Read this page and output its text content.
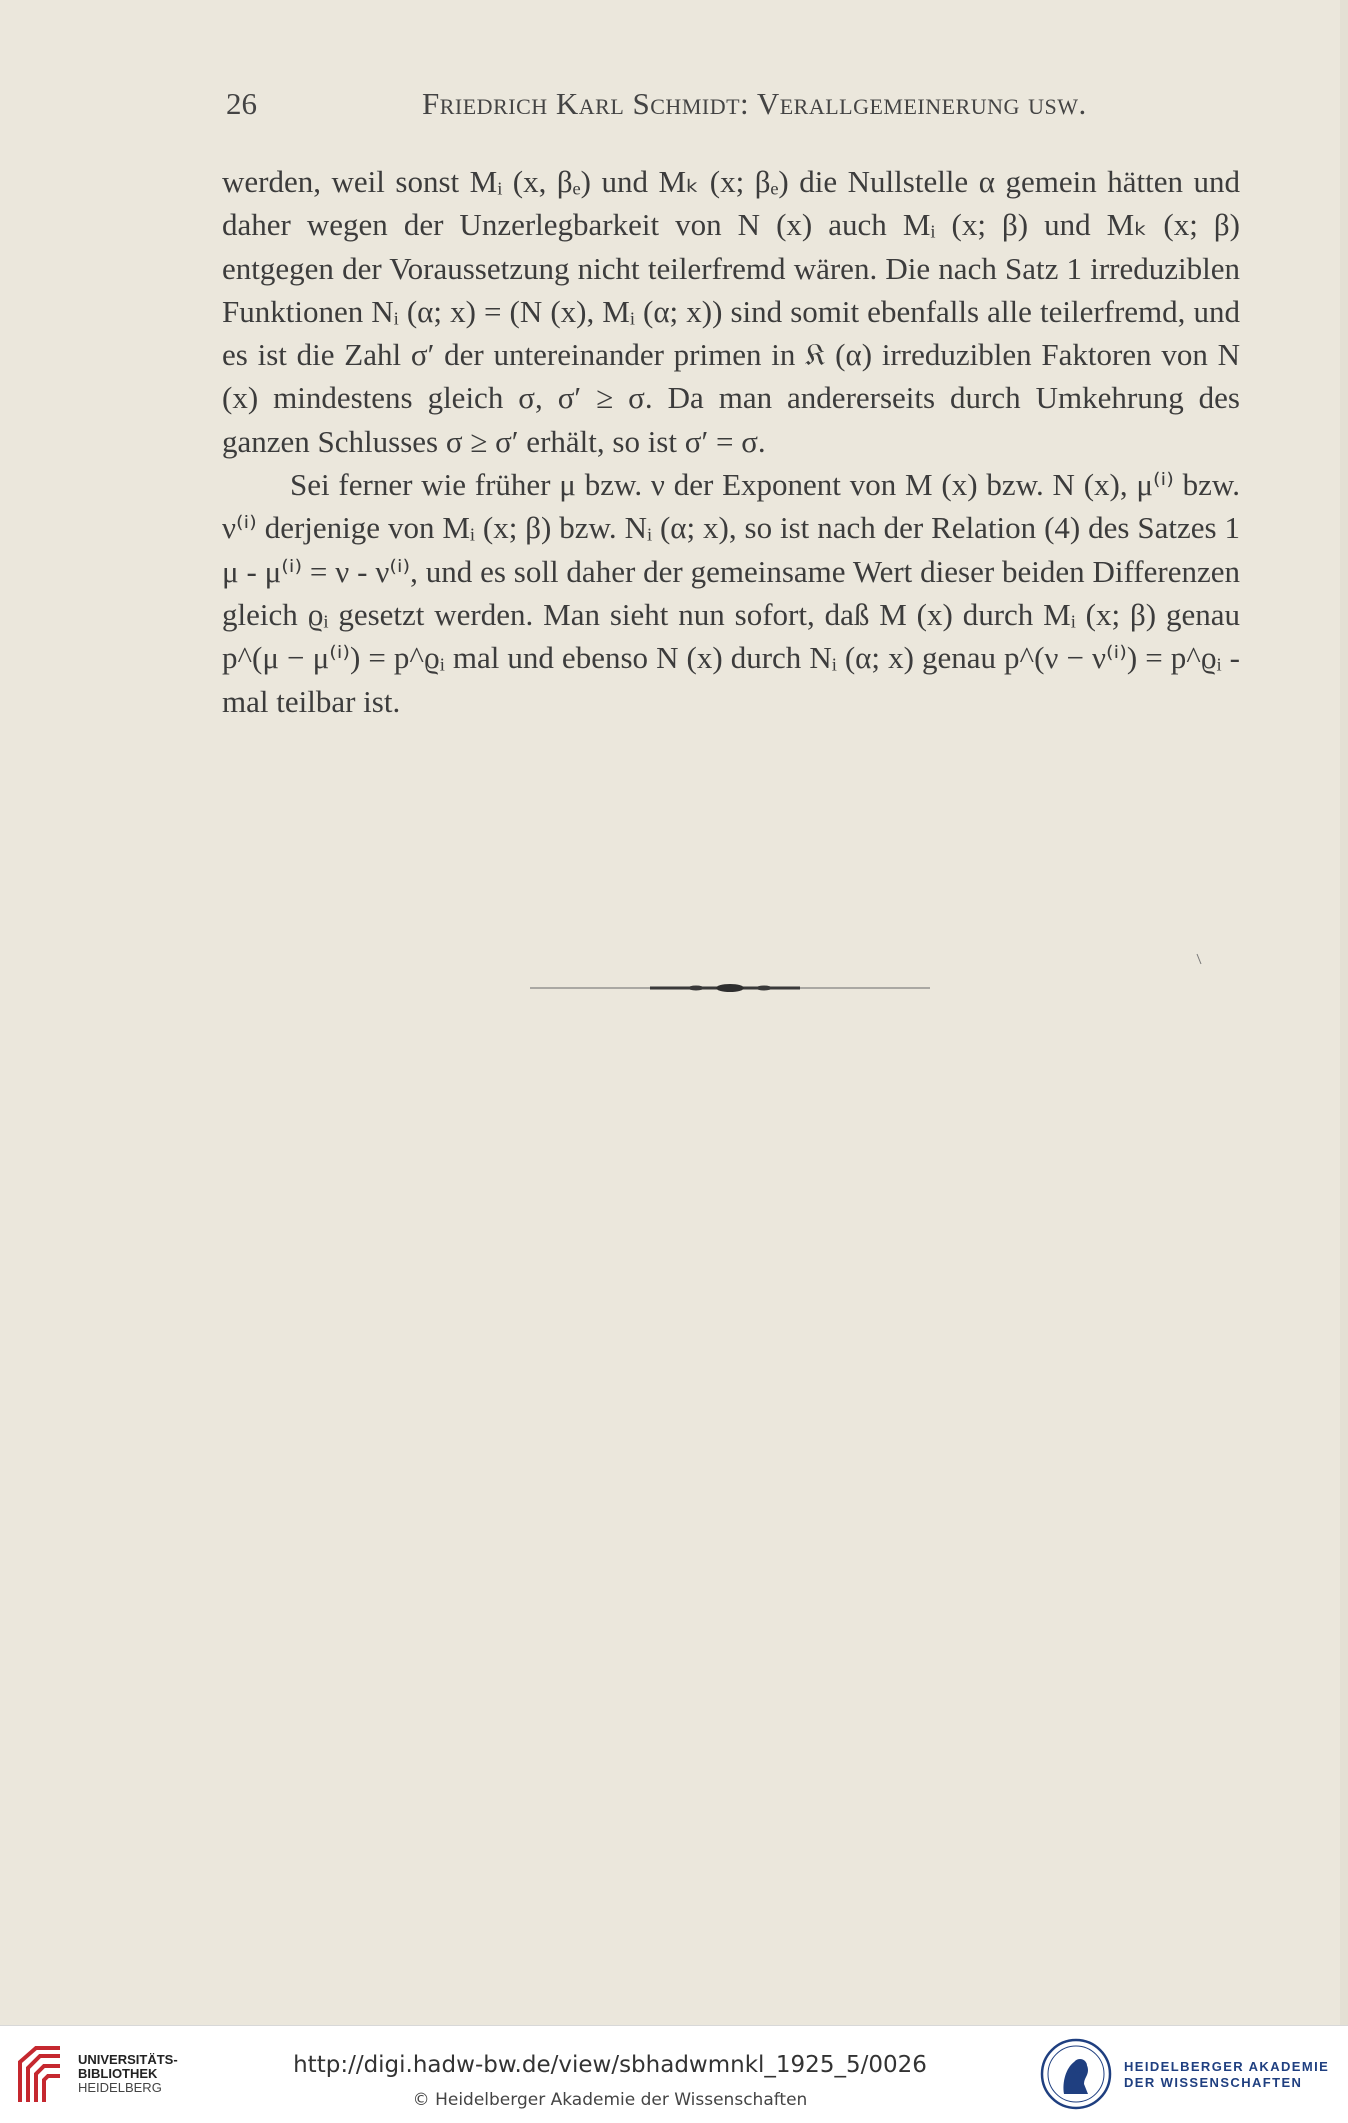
26	Friedrich Karl Schmidt: Verallgemeinerung usw.

werden, weil sonst Mᵢ (x, βₑ) und Mₖ (x; βₑ) die Nullstelle α gemein hätten und daher wegen der Unzerlegbarkeit von N (x) auch Mᵢ (x; β) und Mₖ (x; β) entgegen der Voraussetzung nicht teilerfremd wären. Die nach Satz 1 irreduziblen Funktionen Nᵢ (α; x) = (N (x), Mᵢ (α; x)) sind somit ebenfalls alle teilerfremd, und es ist die Zahl σ′ der untereinander primen in 𝔎 (α) irreduziblen Faktoren von N (x) mindestens gleich σ, σ′ ≥ σ. Da man andererseits durch Umkehrung des ganzen Schlusses σ ≥ σ′ erhält, so ist σ′ = σ.

Sei ferner wie früher μ bzw. ν der Exponent von M (x) bzw. N (x), μ⁽ⁱ⁾ bzw. ν⁽ⁱ⁾ derjenige von Mᵢ (x; β) bzw. Nᵢ (α; x), so ist nach der Relation (4) des Satzes 1 μ - μ⁽ⁱ⁾ = ν - ν⁽ⁱ⁾, und es soll daher der gemeinsame Wert dieser beiden Differenzen gleich ϱᵢ gesetzt werden. Man sieht nun sofort, daß M (x) durch Mᵢ (x; β) genau p^(μ − μ⁽ⁱ⁾) = p^ϱᵢ mal und ebenso N (x) durch Nᵢ (α; x) genau p^(ν − ν⁽ⁱ⁾) = p^ϱᵢ - mal teilbar ist.

UNIVERSITÄTS-
BIBLIOTHEK
HEIDELBERG
http://digi.hadw-bw.de/view/sbhadwmnkl_1925_5/0026
© Heidelberger Akademie der Wissenschaften
HEIDELBERGER AKADEMIE
DER WISSENSCHAFTEN
